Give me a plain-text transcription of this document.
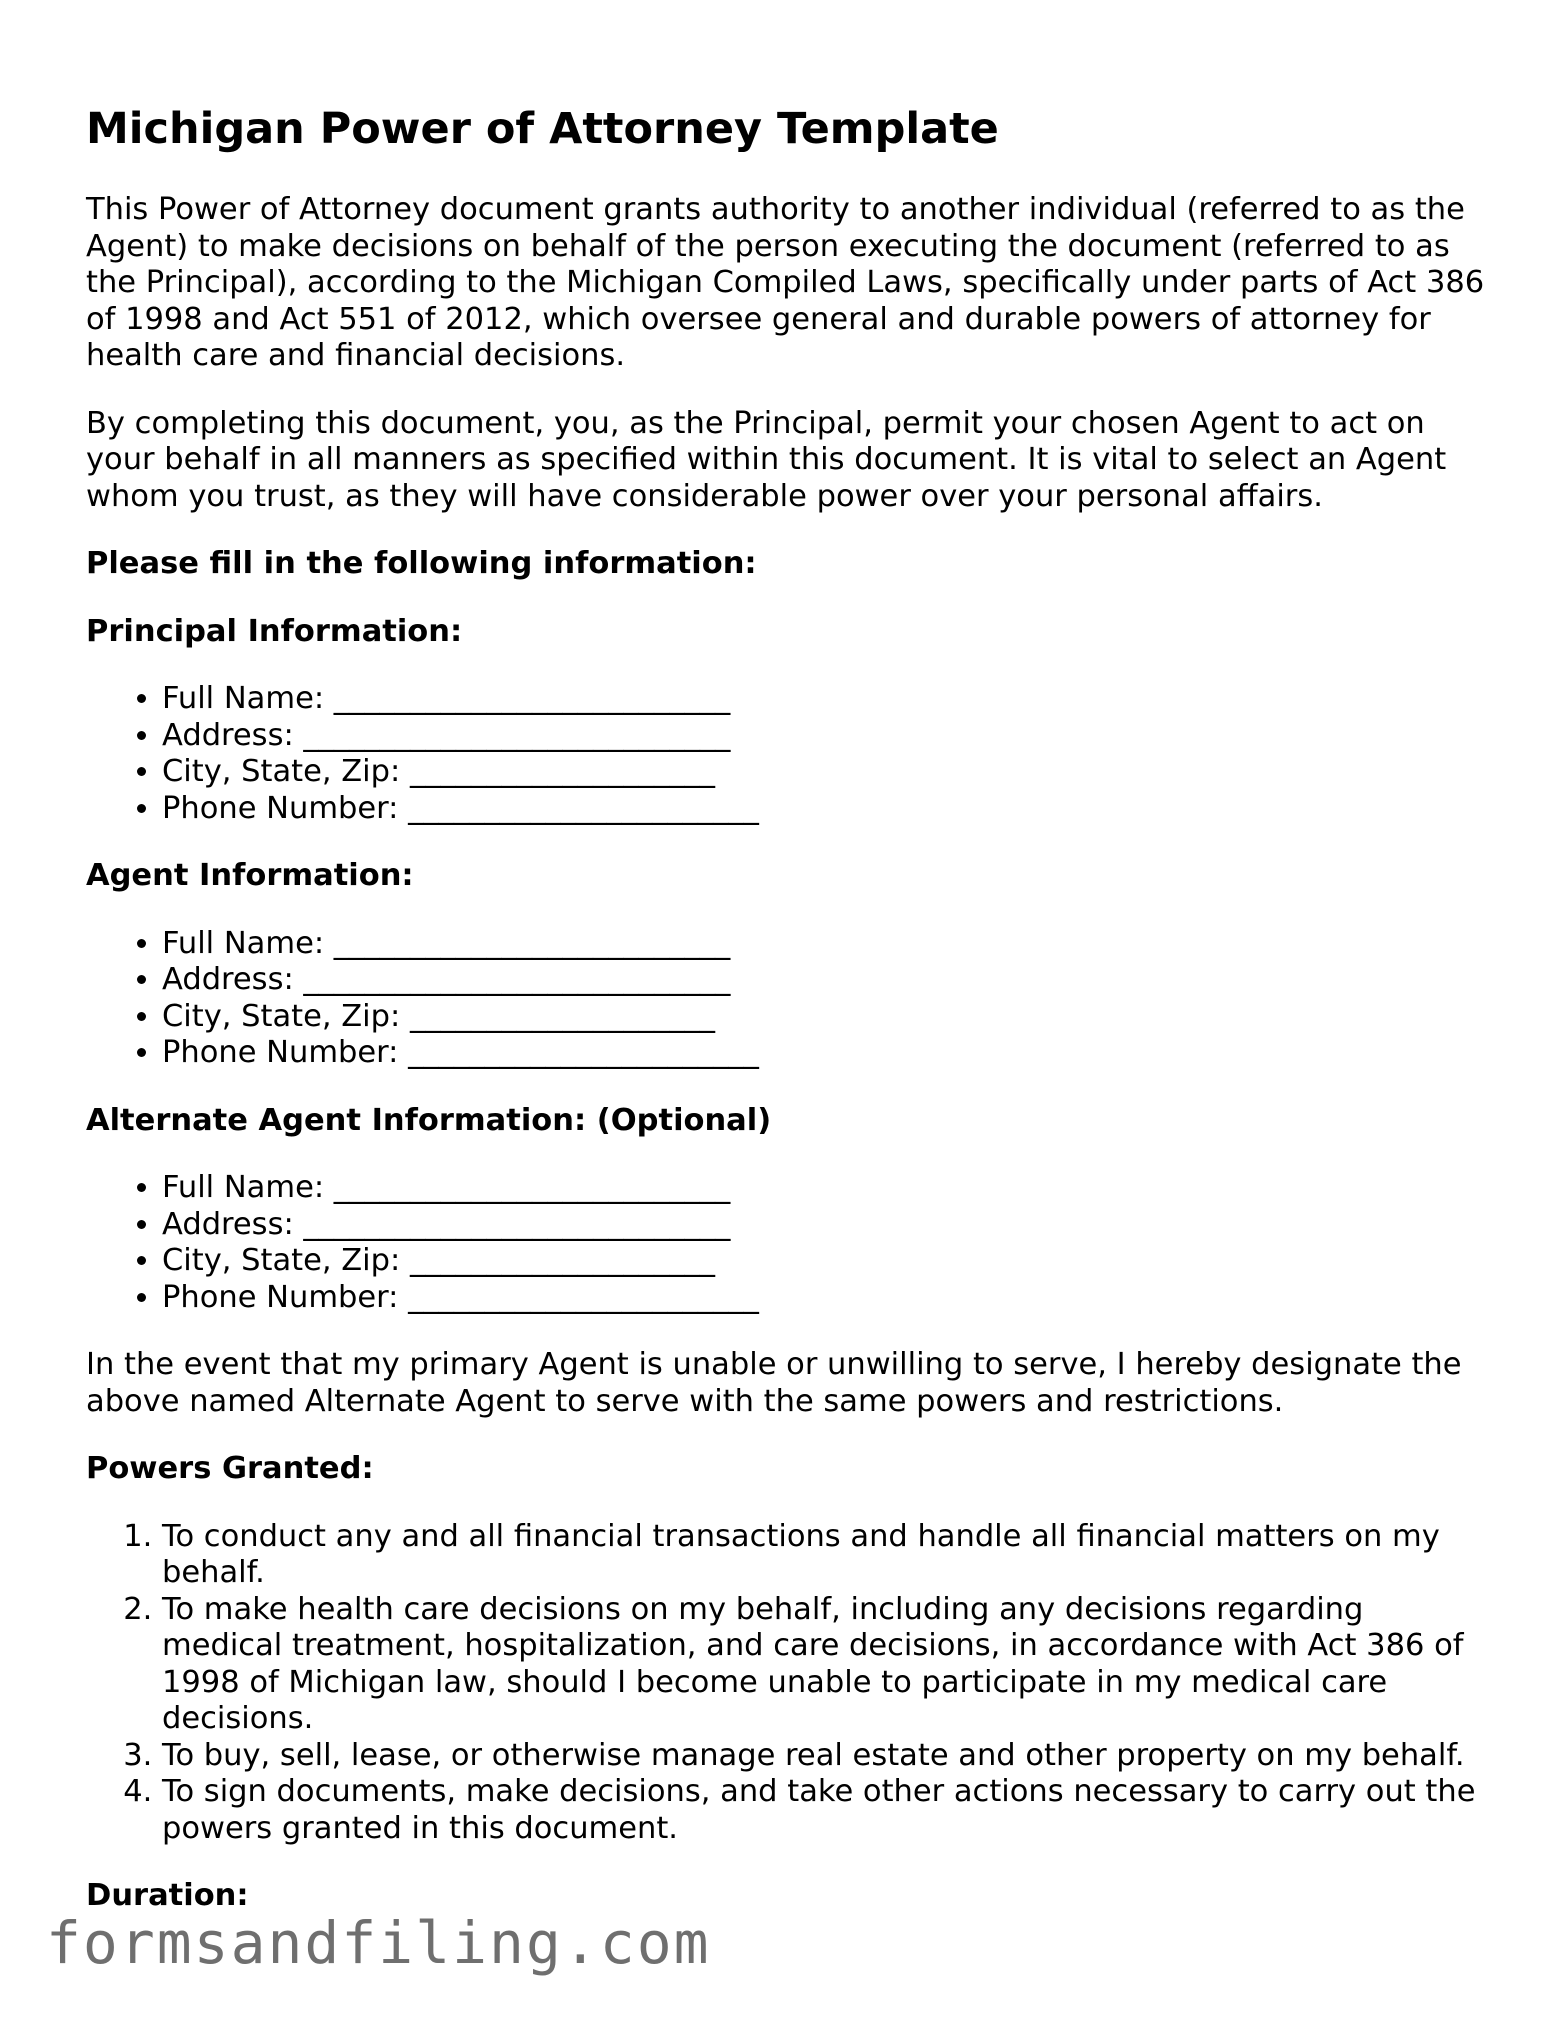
Michigan Power of Attorney Template

This Power of Attorney document grants authority to another individual (referred to as the Agent) to make decisions on behalf of the person executing the document (referred to as the Principal), according to the Michigan Compiled Laws, specifically under parts of Act 386 of 1998 and Act 551 of 2012, which oversee general and durable powers of attorney for health care and financial decisions.

By completing this document, you, as the Principal, permit your chosen Agent to act on your behalf in all manners as specified within this document. It is vital to select an Agent whom you trust, as they will have considerable power over your personal affairs.

Please fill in the following information:
Principal Information:
• Full Name: __________________________
• Address: ____________________________
• City, State, Zip: ____________________
• Phone Number: _______________________
Agent Information:
• Full Name: __________________________
• Address: ____________________________
• City, State, Zip: ____________________
• Phone Number: _______________________
Alternate Agent Information: (Optional)
• Full Name: __________________________
• Address: ____________________________
• City, State, Zip: ____________________
• Phone Number: _______________________

In the event that my primary Agent is unable or unwilling to serve, I hereby designate the above named Alternate Agent to serve with the same powers and restrictions.

Powers Granted:
1. To conduct any and all financial transactions and handle all financial matters on my behalf.
2. To make health care decisions on my behalf, including any decisions regarding medical treatment, hospitalization, and care decisions, in accordance with Act 386 of 1998 of Michigan law, should I become unable to participate in my medical care decisions.
3. To buy, sell, lease, or otherwise manage real estate and other property on my behalf.
4. To sign documents, make decisions, and take other actions necessary to carry out the powers granted in this document.
Duration:
formsandfiling.com
